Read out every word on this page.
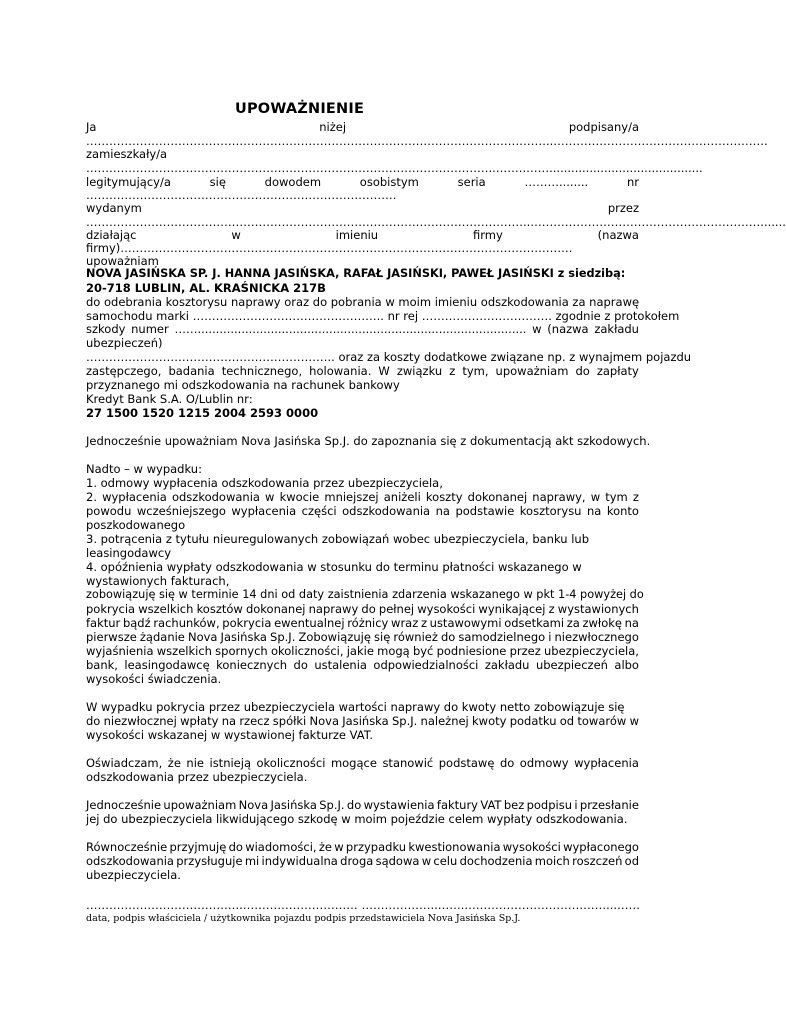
UPOWAŻNIENIE
Ja	niżej	podpisany/a
…………………………………………………………………………………………………………..………………………………………………..
zamieszkały/a
……………………………………………………………………………………………..……..……..........................................
legitymujący/a	się	dowodem	osobistym	seria	………........	nr
………………………………………………………………………
wydanym	przez
……………………………………………………………………………………………………..…………………………………………………….......
działając	w	imieniu	firmy	(nazwa
firmy)……………………………………………………………………………………………………….
upoważniam
NOVA JASIŃSKA SP. J. HANNA JASIŃSKA, RAFAŁ JASIŃSKI, PAWEŁ JASIŃSKI z siedzibą:
20-718 LUBLIN, AL. KRAŚNICKA 217B
do odebrania kosztorysu naprawy oraz do pobrania w moim imieniu odszkodowania za naprawę
samochodu marki ………………………………………….. nr rej ……………………………. zgodnie z protokołem
szkody numer …….......................................................................................... w (nazwa zakładu
ubezpieczeń)
……………………………………………………….. oraz za koszty dodatkowe związane np. z wynajmem pojazdu
zastępczego, badania technicznego, holowania. W związku z tym, upoważniam do zapłaty
przyznanego mi odszkodowania na rachunek bankowy
Kredyt Bank S.A. O/Lublin nr:
27 1500 1520 1215 2004 2593 0000
Jednocześnie upoważniam Nova Jasińska Sp.J. do zapoznania się z dokumentacją akt szkodowych.
Nadto – w wypadku:
1. odmowy wypłacenia odszkodowania przez ubezpieczyciela,
2. wypłacenia odszkodowania w kwocie mniejszej aniżeli koszty dokonanej naprawy, w tym z
powodu wcześniejszego wypłacenia części odszkodowania na podstawie kosztorysu na konto
poszkodowanego
3. potrącenia z tytułu nieuregulowanych zobowiązań wobec ubezpieczyciela, banku lub
leasingodawcy
4. opóźnienia wypłaty odszkodowania w stosunku do terminu płatności wskazanego w
wystawionych fakturach,
zobowiązuję się w terminie 14 dni od daty zaistnienia zdarzenia wskazanego w pkt 1-4 powyżej do
pokrycia wszelkich kosztów dokonanej naprawy do pełnej wysokości wynikającej z wystawionych
faktur bądź rachunków, pokrycia ewentualnej różnicy wraz z ustawowymi odsetkami za zwłokę na
pierwsze żądanie Nova Jasińska Sp.J. Zobowiązuję się również do samodzielnego i niezwłocznego
wyjaśnienia wszelkich spornych okoliczności, jakie mogą być podniesione przez ubezpieczyciela,
bank, leasingodawcę koniecznych do ustalenia odpowiedzialności zakładu ubezpieczeń albo
wysokości świadczenia.
W wypadku pokrycia przez ubezpieczyciela wartości naprawy do kwoty netto zobowiązuje się
do niezwłocznej wpłaty na rzecz spółki Nova Jasińska Sp.J. należnej kwoty podatku od towarów w
wysokości wskazanej w wystawionej fakturze VAT.
Oświadczam, że nie istnieją okoliczności mogące stanowić podstawę do odmowy wypłacenia
odszkodowania przez ubezpieczyciela.
Jednocześnie upoważniam Nova Jasińska Sp.J. do wystawienia faktury VAT bez podpisu i przesłanie
jej do ubezpieczyciela likwidującego szkodę w moim pojeździe celem wypłaty odszkodowania.
Równocześnie przyjmuję do wiadomości, że w przypadku kwestionowania wysokości wypłaconego
odszkodowania przysługuje mi indywidualna droga sądowa w celu dochodzenia moich roszczeń od
ubezpieczyciela.
…………………………………..………………………… ………………..……..………………………………...……
data, podpis właściciela / użytkownika pojazdu podpis przedstawiciela Nova Jasińska Sp.J.
